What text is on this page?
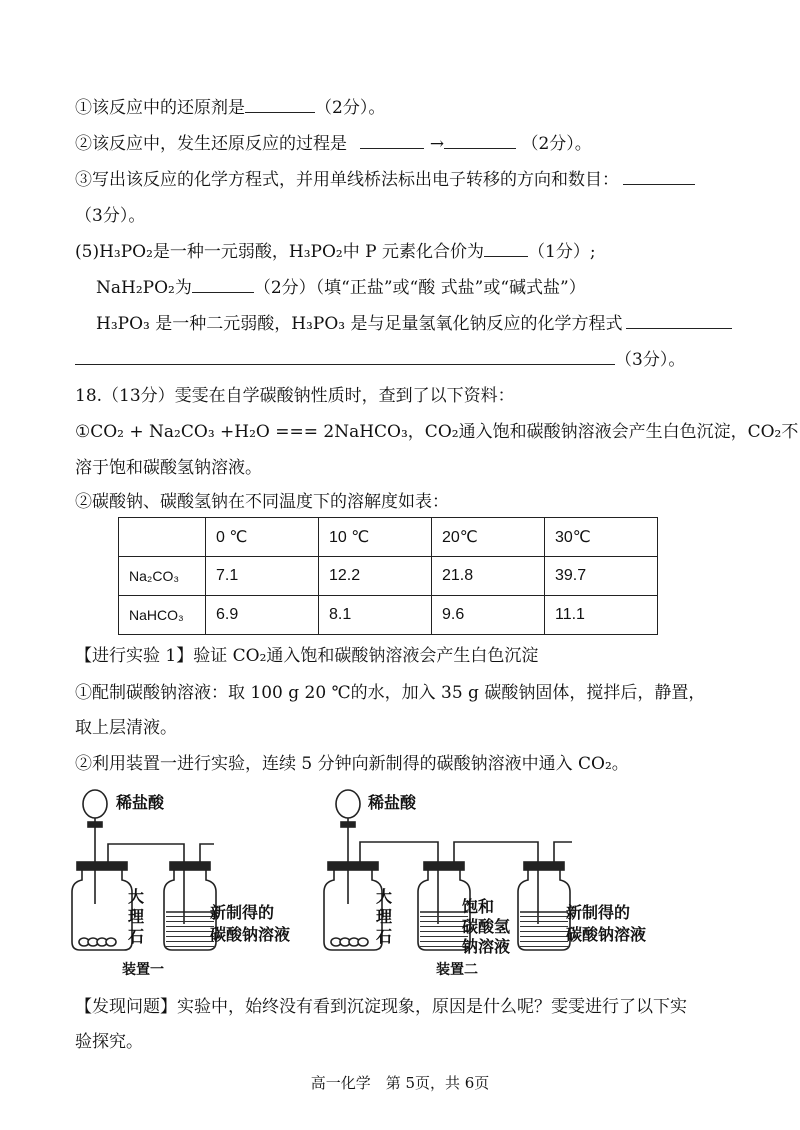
①该反应中的还原剂是	（2分）。
②该反应中，发生还原反应的过程是	→	（2分）。
③写出该反应的化学方程式，并用单线桥法标出电子转移的方向和数目：
（3分）。
(5)H₃PO₂是一种一元弱酸，H₃PO₂中 P 元素化合价为	（1分）;
NaH₂PO₂为	（2分）（填“正盐”或“酸 式盐”或“碱式盐”）
H₃PO₃ 是一种二元弱酸，H₃PO₃ 是与足量氢氧化钠反应的化学方程式
（3分）。
18.（13分）雯雯在自学碳酸钠性质时，查到了以下资料：
①CO₂ + Na₂CO₃ +H₂O === 2NaHCO₃，CO₂通入饱和碳酸钠溶液会产生白色沉淀，CO₂不
溶于饱和碳酸氢钠溶液。
②碳酸钠、碳酸氢钠在不同温度下的溶解度如表：
	0 ℃	10 ℃	20℃	30℃
Na₂CO₃	7.1	12.2	21.8	39.7
NaHCO₃	6.9	8.1	9.6	11.1
【进行实验 1】验证 CO₂通入饱和碳酸钠溶液会产生白色沉淀
①配制碳酸钠溶液：取 100 g 20 ℃的水，加入 35 g 碳酸钠固体，搅拌后，静置，
取上层清液。
②利用装置一进行实验，连续 5 分钟向新制得的碳酸钠溶液中通入 CO₂。
稀盐酸
大
理
石
新制得的
碳酸钠溶液
装置一
稀盐酸
大
理
石
饱和
碳酸氢
钠溶液
新制得的
碳酸钠溶液
装置二
【发现问题】实验中，始终没有看到沉淀现象，原因是什么呢？雯雯进行了以下实
验探究。
高一化学　第 5页，共 6页
